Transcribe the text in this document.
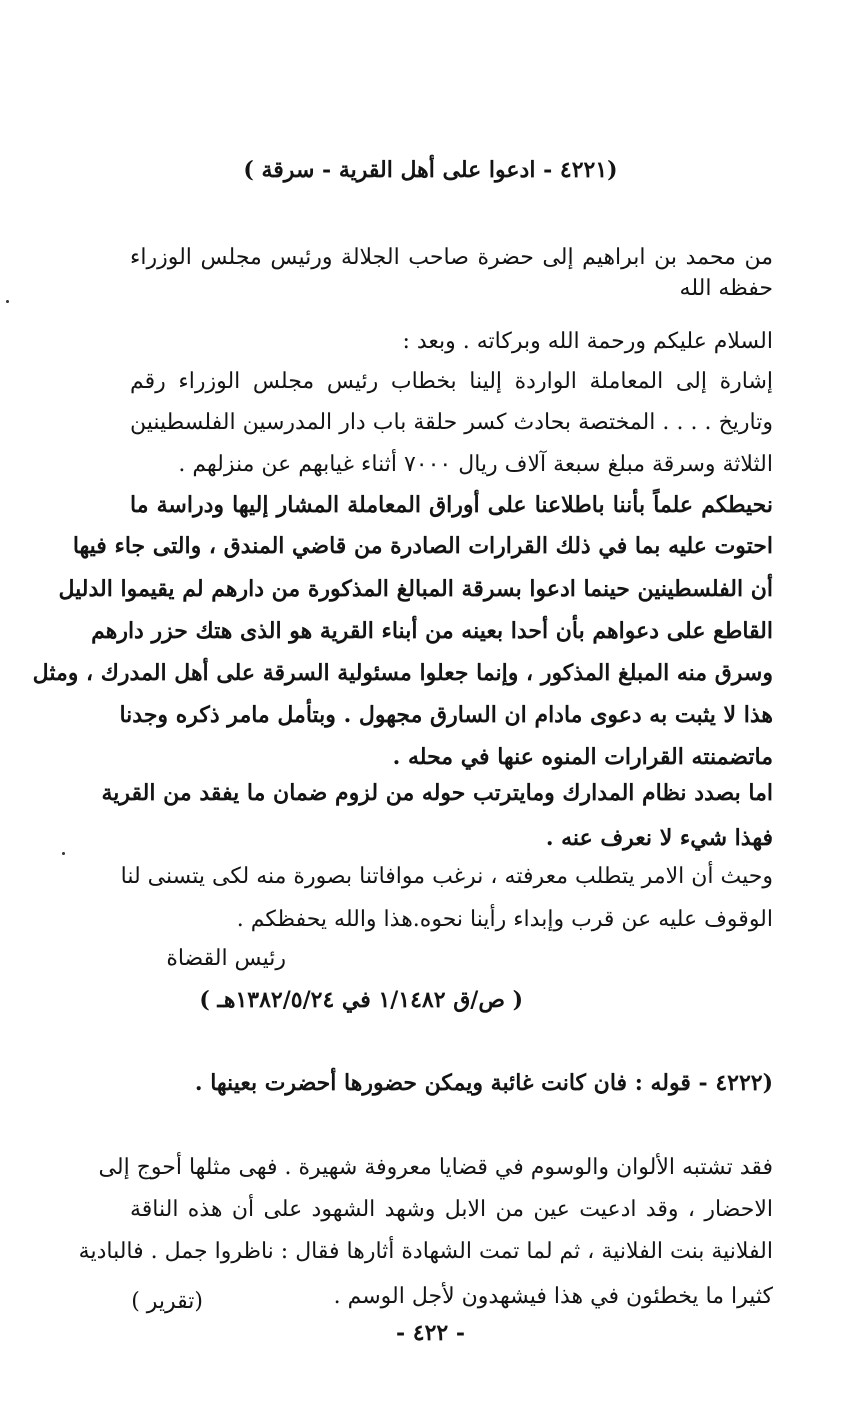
(٤٢٢١ - ادعوا على أهل القرية - سرقة )
من محمد بن ابراهيم إلى حضرة صاحب الجلالة ورئيس مجلس الوزراء
حفظه الله
السلام عليكم ورحمة الله وبركاته . وبعد :
إشارة إلى المعاملة الواردة إلينا بخطاب رئيس مجلس الوزراء رقم
وتاريخ . . . . المختصة بحادث كسر حلقة باب دار المدرسين الفلسطينين
الثلاثة وسرقة مبلغ سبعة آلاف ريال ٧٠٠٠ أثناء غيابهم عن منزلهم .
نحيطكم علماً بأننا باطلاعنا على أوراق المعاملة المشار إليها ودراسة ما
احتوت عليه بما في ذلك القرارات الصادرة من قاضي المندق ، والتى جاء فيها
أن الفلسطينين حينما ادعوا بسرقة المبالغ المذكورة من دارهم لم يقيموا الدليل
القاطع على دعواهم بأن أحدا بعينه من أبناء القرية هو الذى هتك حزر دارهم
وسرق منه المبلغ المذكور ، وإنما جعلوا مسئولية السرقة على أهل المدرك ، ومثل
هذا لا يثبت به دعوى مادام ان السارق مجهول . وبتأمل مامر ذكره وجدنا
ماتضمنته القرارات المنوه عنها في محله .
اما بصدد نظام المدارك ومايترتب حوله من لزوم ضمان ما يفقد من القرية
فهذا شيء لا نعرف عنه .
وحيث أن الامر يتطلب معرفته ، نرغب موافاتنا بصورة منه لكى يتسنى لنا
الوقوف عليه عن قرب وإبداء رأينا نحوه.هذا والله يحفظكم .
رئيس القضاة
( ص/ق ١/١٤٨٢ في ١٣٨٢/٥/٢٤هـ )
(٤٢٢٢ - قوله : فان كانت غائبة ويمكن حضورها أحضرت بعينها .
فقد تشتبه الألوان والوسوم في قضايا معروفة شهيرة . فهى مثلها أحوج إلى
الاحضار ، وقد ادعيت عين من الابل وشهد الشهود على أن هذه الناقة
الفلانية بنت الفلانية ، ثم لما تمت الشهادة أثارها فقال : ناظروا جمل . فالبادية
كثيرا ما يخطئون في هذا فيشهدون لأجل الوسم .
(تقرير )
- ٤٢٢ -
